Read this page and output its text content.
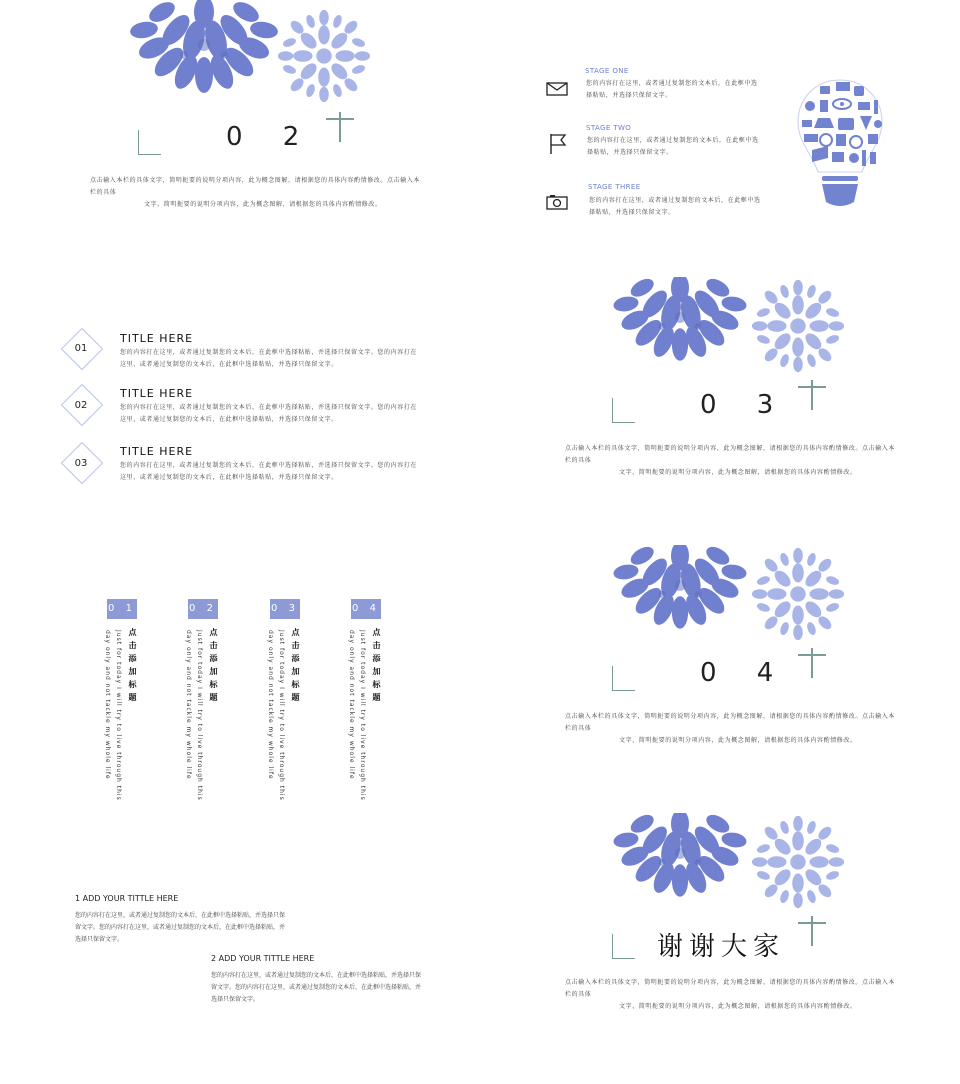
0 2
点击输入本栏的具体文字，简明扼要的说明分项内容，此为概念图解，请根据您的具体内容酌情修改。点击输入本栏的具体
文字，简明扼要的说明分项内容，此为概念图解，请根据您的具体内容酌情修改。
STAGE ONE
您的内容打在这里，或者通过复制您的文本后，在此框中选
择粘贴，并选择只保留文字。
STAGE TWO
您的内容打在这里，或者通过复制您的文本后，在此框中选
择粘贴，并选择只保留文字。
STAGE THREE
您的内容打在这里，或者通过复制您的文本后，在此框中选
择粘贴，并选择只保留文字。
01
TITLE HERE
您的内容打在这里，或者通过复制您的文本后，在此框中选择粘贴，并选择只保留文字。您的内容打在
这里，或者通过复制您的文本后，在此框中选择粘贴，并选择只保留文字。
02
TITLE HERE
您的内容打在这里，或者通过复制您的文本后，在此框中选择粘贴，并选择只保留文字。您的内容打在
这里，或者通过复制您的文本后，在此框中选择粘贴，并选择只保留文字。
03
TITLE HERE
您的内容打在这里，或者通过复制您的文本后，在此框中选择粘贴，并选择只保留文字。您的内容打在
这里，或者通过复制您的文本后，在此框中选择粘贴，并选择只保留文字。
0 3
点击输入本栏的具体文字，简明扼要的说明分项内容，此为概念图解，请根据您的具体内容酌情修改。点击输入本栏的具体
文字，简明扼要的说明分项内容，此为概念图解，请根据您的具体内容酌情修改。
0 1
点击添加标题
Just for today I will try to live through this
day only and not tackle my whole life
0 2
点击添加标题
Just for today I will try to live through this
day only and not tackle my whole life
0 3
点击添加标题
Just for today I will try to live through this
day only and not tackle my whole life
0 4
点击添加标题
Just for today I will try to live through this
day only and not tackle my whole life	0 4
点击输入本栏的具体文字，简明扼要的说明分项内容，此为概念图解，请根据您的具体内容酌情修改。点击输入本栏的具体
文字，简明扼要的说明分项内容，此为概念图解，请根据您的具体内容酌情修改。
1 ADD YOUR TITTLE HERE
您的内容打在这里，或者通过复制您的文本后，在此框中选择粘贴，并选择只保
留文字。您的内容打在这里，或者通过复制您的文本后，在此框中选择粘贴，并
选择只保留文字。
2 ADD YOUR TITTLE HERE
您的内容打在这里，或者通过复制您的文本后，在此框中选择粘贴，并选择只保
留文字。您的内容打在这里，或者通过复制您的文本后，在此框中选择粘贴，并
选择只保留文字。
谢谢大家
点击输入本栏的具体文字，简明扼要的说明分项内容，此为概念图解，请根据您的具体内容酌情修改。点击输入本栏的具体
文字，简明扼要的说明分项内容，此为概念图解，请根据您的具体内容酌情修改。
